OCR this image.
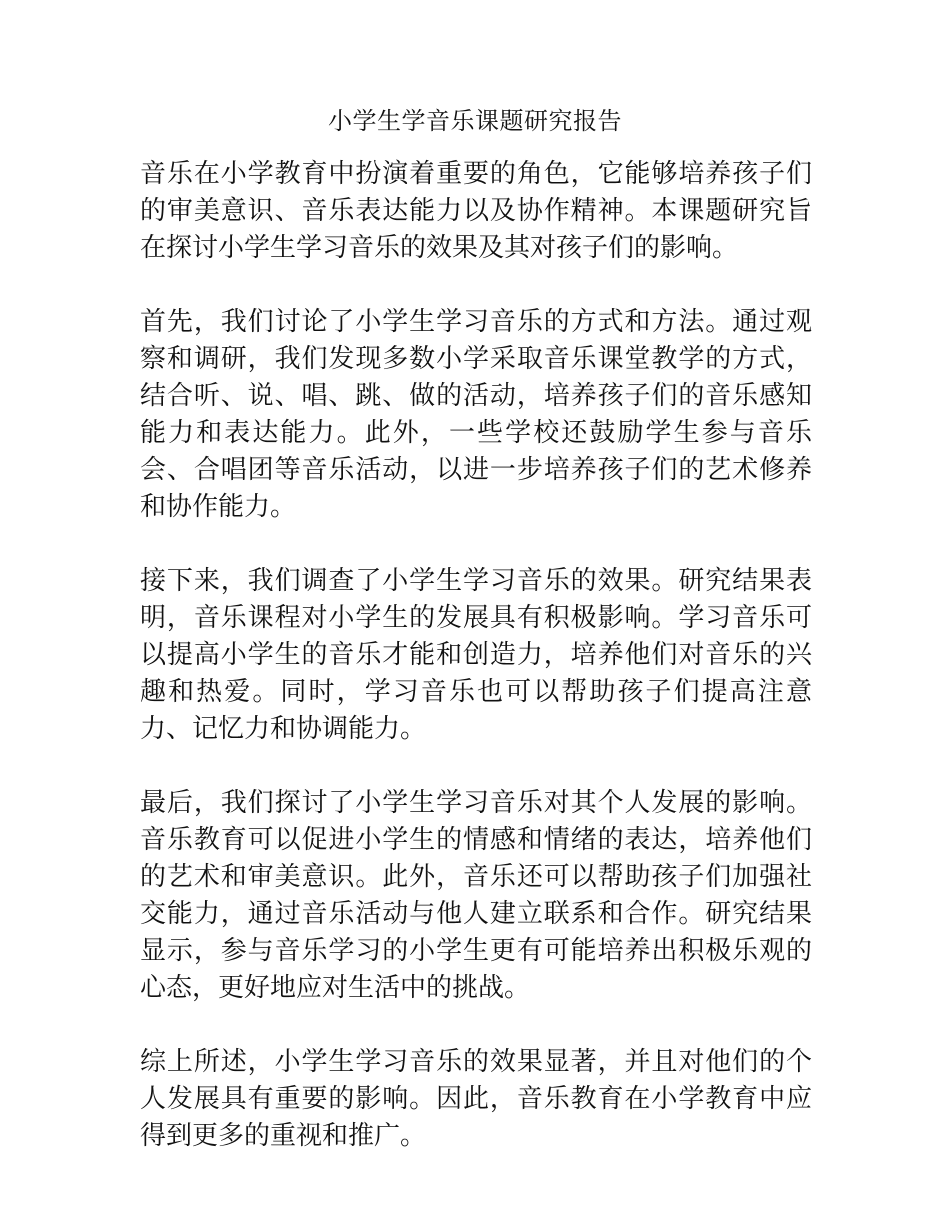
小学生学音乐课题研究报告

音乐在小学教育中扮演着重要的角色，它能够培养孩子们的审美意识、音乐表达能力以及协作精神。本课题研究旨在探讨小学生学习音乐的效果及其对孩子们的影响。

首先，我们讨论了小学生学习音乐的方式和方法。通过观察和调研，我们发现多数小学采取音乐课堂教学的方式，结合听、说、唱、跳、做的活动，培养孩子们的音乐感知能力和表达能力。此外，一些学校还鼓励学生参与音乐会、合唱团等音乐活动，以进一步培养孩子们的艺术修养和协作能力。

接下来，我们调查了小学生学习音乐的效果。研究结果表明，音乐课程对小学生的发展具有积极影响。学习音乐可以提高小学生的音乐才能和创造力，培养他们对音乐的兴趣和热爱。同时，学习音乐也可以帮助孩子们提高注意力、记忆力和协调能力。

最后，我们探讨了小学生学习音乐对其个人发展的影响。音乐教育可以促进小学生的情感和情绪的表达，培养他们的艺术和审美意识。此外，音乐还可以帮助孩子们加强社交能力，通过音乐活动与他人建立联系和合作。研究结果显示，参与音乐学习的小学生更有可能培养出积极乐观的心态，更好地应对生活中的挑战。

综上所述，小学生学习音乐的效果显著，并且对他们的个人发展具有重要的影响。因此，音乐教育在小学教育中应得到更多的重视和推广。
